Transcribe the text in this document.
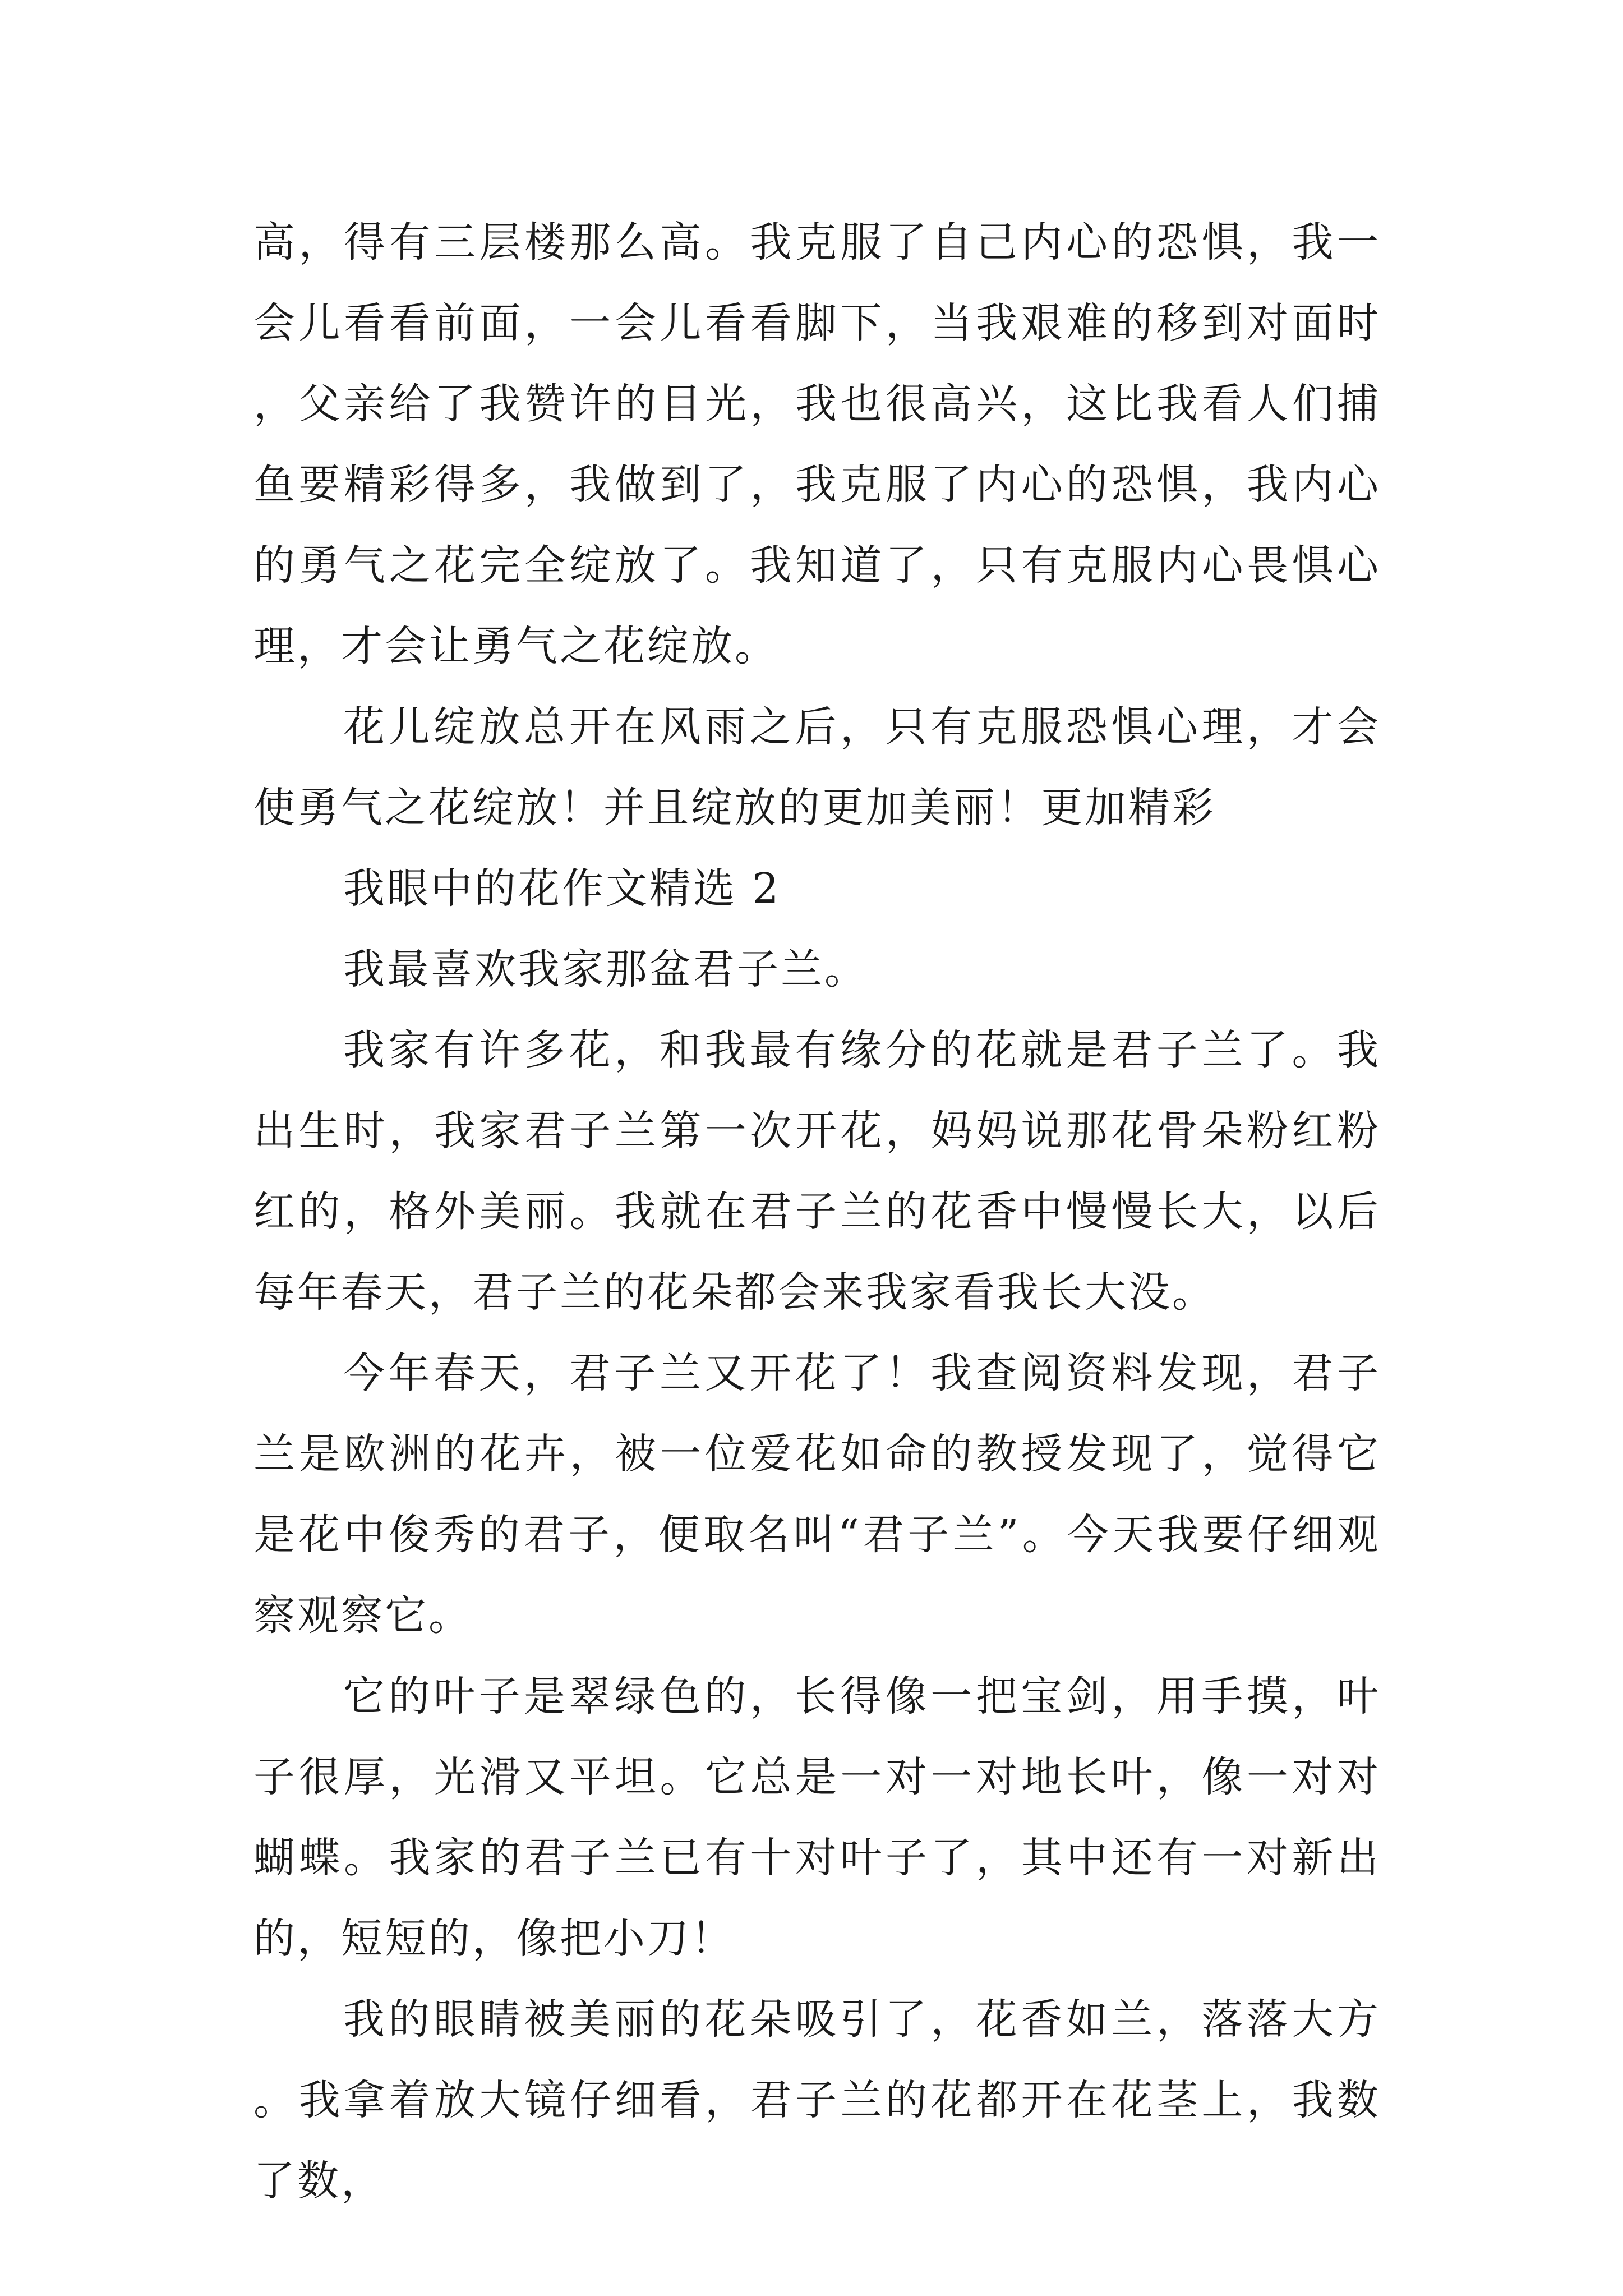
高，得有三层楼那么高。我克服了自己内心的恐惧，我一会儿看看前面，一会儿看看脚下，当我艰难的移到对面时，父亲给了我赞许的目光，我也很高兴，这比我看人们捕鱼要精彩得多，我做到了，我克服了内心的恐惧，我内心的勇气之花完全绽放了。我知道了，只有克服内心畏惧心理，才会让勇气之花绽放。

花儿绽放总开在风雨之后，只有克服恐惧心理，才会使勇气之花绽放！并且绽放的更加美丽！更加精彩

我眼中的花作文精选 2

我最喜欢我家那盆君子兰。

我家有许多花，和我最有缘分的花就是君子兰了。我出生时，我家君子兰第一次开花，妈妈说那花骨朵粉红粉红的，格外美丽。我就在君子兰的花香中慢慢长大，以后每年春天，君子兰的花朵都会来我家看我长大没。

今年春天，君子兰又开花了！我查阅资料发现，君子兰是欧洲的花卉，被一位爱花如命的教授发现了，觉得它是花中俊秀的君子，便取名叫“君子兰”。今天我要仔细观察观察它。

它的叶子是翠绿色的，长得像一把宝剑，用手摸，叶子很厚，光滑又平坦。它总是一对一对地长叶，像一对对蝴蝶。我家的君子兰已有十对叶子了，其中还有一对新出的，短短的，像把小刀！

我的眼睛被美丽的花朵吸引了，花香如兰，落落大方。我拿着放大镜仔细看，君子兰的花都开在花茎上，我数了数，
